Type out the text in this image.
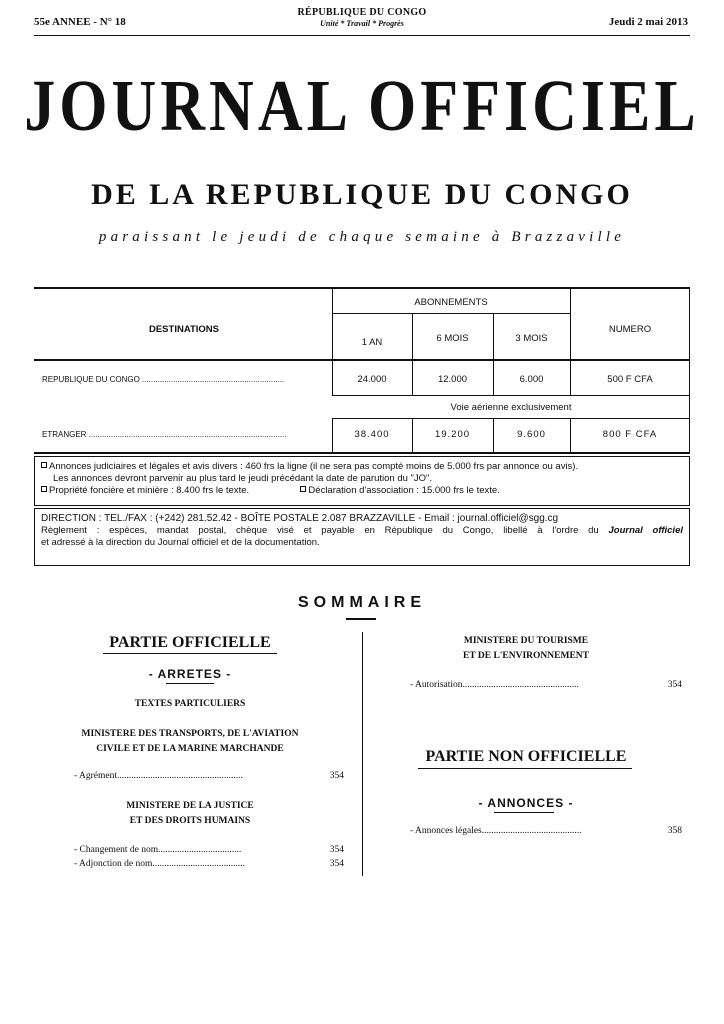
55e ANNEE - N° 18
RÉPUBLIQUE DU CONGO
Unité * Travail * Progrès	Jeudi 2 mai 2013
JOURNAL OFFICIEL
DE LA REPUBLIQUE DU CONGO
paraissant le jeudi de chaque semaine à Brazzaville
DESTINATIONS
ABONNEMENTS
1 AN	6 MOIS	3 MOIS
NUMERO
REPUBLIQUE DU CONGO ................................................................	24.000	12.000	6.000	500 F CFA
Voie aérienne exclusivement
ETRANGER .........................................................................................	38.400	19.200	9.600	800 F CFA
Annonces judiciaires et légales et avis divers : 460 frs la ligne (il ne sera pas compté moins de 5.000 frs par annonce ou avis).
Les annonces devront parvenir au plus tard le jeudi précédant la date de parution du "JO".
Propriété foncière et minière : 8.400 frs le texte.	Déclaration d'association : 15.000 frs le texte.
DIRECTION : TEL./FAX : (+242) 281.52.42 - BOÎTE POSTALE 2.087 BRAZZAVILLE - Email : journal.officiel@sgg.cg
Règlement : espèces, mandat postal, chèque visé et payable en République du Congo, libellé à l'ordre du Journal officiel
et adressé à la direction du Journal officiel et de la documentation.
SOMMAIRE
PARTIE OFFICIELLE
- ARRETES -
TEXTES PARTICULIERS
MINISTERE DES TRANSPORTS, DE L'AVIATION
CIVILE ET DE LA MARINE MARCHANDE
- Agrément.....................................................	354
MINISTERE DE LA JUSTICE
ET DES DROITS HUMAINS
- Changement de nom...................................	354
- Adjonction de nom.......................................	354
MINISTERE DU TOURISME
ET DE L'ENVIRONNEMENT
- Autorisation.................................................	354
PARTIE NON OFFICIELLE
- ANNONCES -
- Annonces légales..........................................	358
